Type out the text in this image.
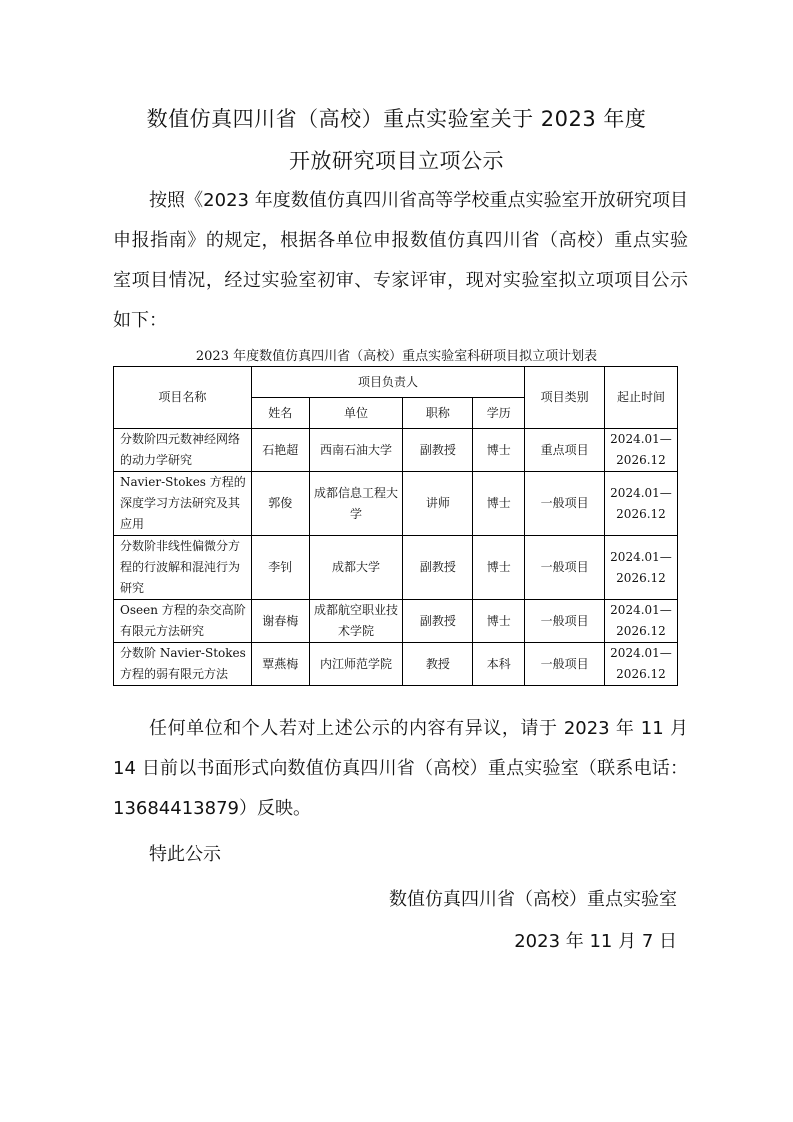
数值仿真四川省（高校）重点实验室关于 2023 年度
开放研究项目立项公示
按照《2023 年度数值仿真四川省高等学校重点实验室开放研究项目申报指南》的规定，根据各单位申报数值仿真四川省（高校）重点实验室项目情况，经过实验室初审、专家评审，现对实验室拟立项项目公示如下：
2023 年度数值仿真四川省（高校）重点实验室科研项目拟立项计划表
项目名称	项目负责人				项目类别	起止时间
	姓名	单位	职称	学历		
分数阶四元数神经网络的动力学研究	石艳超	西南石油大学	副教授	博士	重点项目	2024.01—
2026.12
Navier-Stokes 方程的深度学习方法研究及其应用	郭俊	成都信息工程大学	讲师	博士	一般项目	2024.01—
2026.12
分数阶非线性偏微分方程的行波解和混沌行为研究	李钊	成都大学	副教授	博士	一般项目	2024.01—
2026.12
Oseen 方程的杂交高阶有限元方法研究	谢春梅	成都航空职业技术学院	副教授	博士	一般项目	2024.01—
2026.12
分数阶 Navier-Stokes 方程的弱有限元方法	覃燕梅	内江师范学院	教授	本科	一般项目	2024.01—
2026.12
任何单位和个人若对上述公示的内容有异议，请于 2023 年 11 月 14 日前以书面形式向数值仿真四川省（高校）重点实验室（联系电话：13684413879）反映。
特此公示
数值仿真四川省（高校）重点实验室
2023 年 11 月 7 日
